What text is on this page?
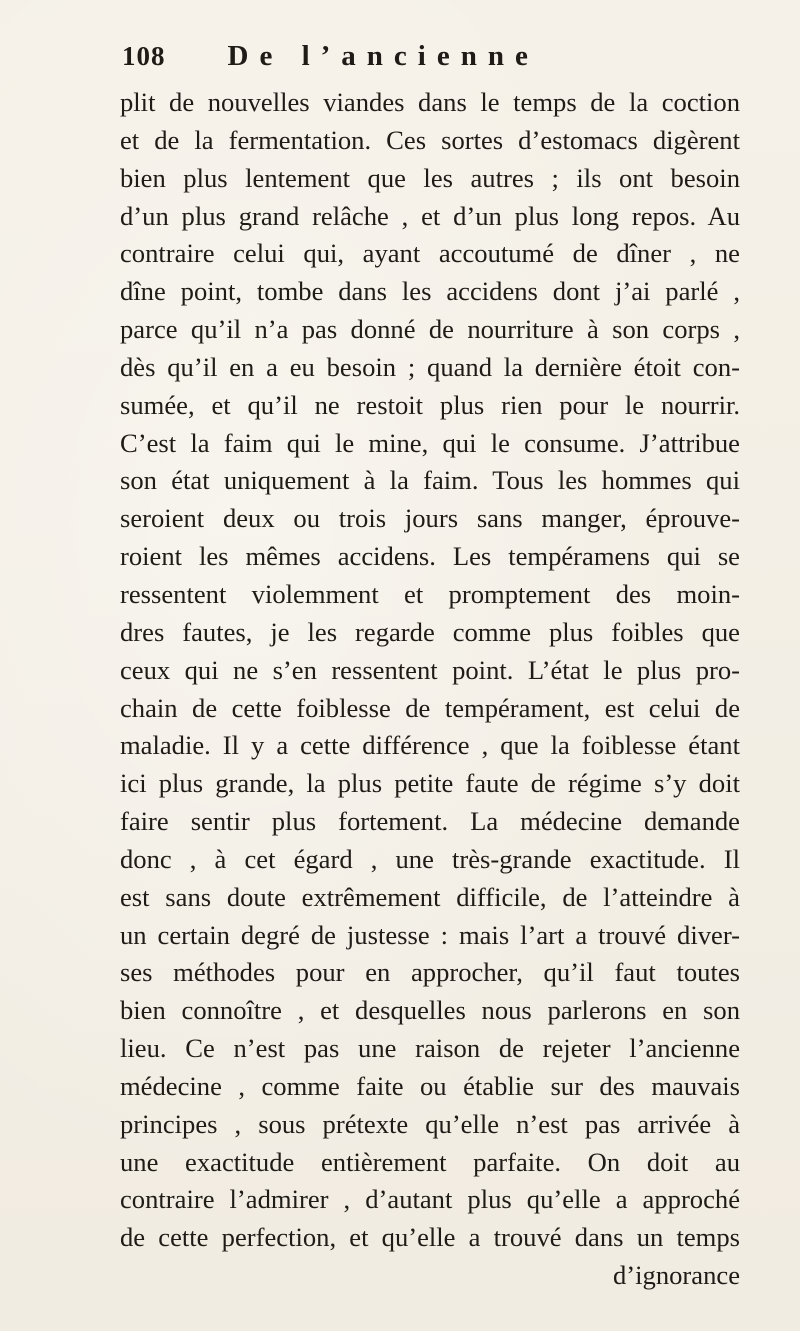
108 De l’ancienne
plit de nouvelles viandes dans le temps de la coction
et de la fermentation. Ces sortes d’estomacs digèrent
bien plus lentement que les autres ; ils ont besoin
d’un plus grand relâche , et d’un plus long repos. Au
contraire celui qui, ayant accoutumé de dîner , ne
dîne point, tombe dans les accidens dont j’ai parlé ,
parce qu’il n’a pas donné de nourriture à son corps ,
dès qu’il en a eu besoin ; quand la dernière étoit con-
sumée, et qu’il ne restoit plus rien pour le nourrir.
C’est la faim qui le mine, qui le consume. J’attribue
son état uniquement à la faim. Tous les hommes qui
seroient deux ou trois jours sans manger, éprouve-
roient les mêmes accidens. Les tempéramens qui se
ressentent violemment et promptement des moin-
dres fautes, je les regarde comme plus foibles que
ceux qui ne s’en ressentent point. L’état le plus pro-
chain de cette foiblesse de tempérament, est celui de
maladie. Il y a cette différence , que la foiblesse étant
ici plus grande, la plus petite faute de régime s’y doit
faire sentir plus fortement. La médecine demande
donc , à cet égard , une très-grande exactitude. Il
est sans doute extrêmement difficile, de l’atteindre à
un certain degré de justesse : mais l’art a trouvé diver-
ses méthodes pour en approcher, qu’il faut toutes
bien connoître , et desquelles nous parlerons en son
lieu. Ce n’est pas une raison de rejeter l’ancienne
médecine , comme faite ou établie sur des mauvais
principes , sous prétexte qu’elle n’est pas arrivée à
une exactitude entièrement parfaite. On doit au
contraire l’admirer , d’autant plus qu’elle a approché
de cette perfection, et qu’elle a trouvé dans un temps
d’ignorance
